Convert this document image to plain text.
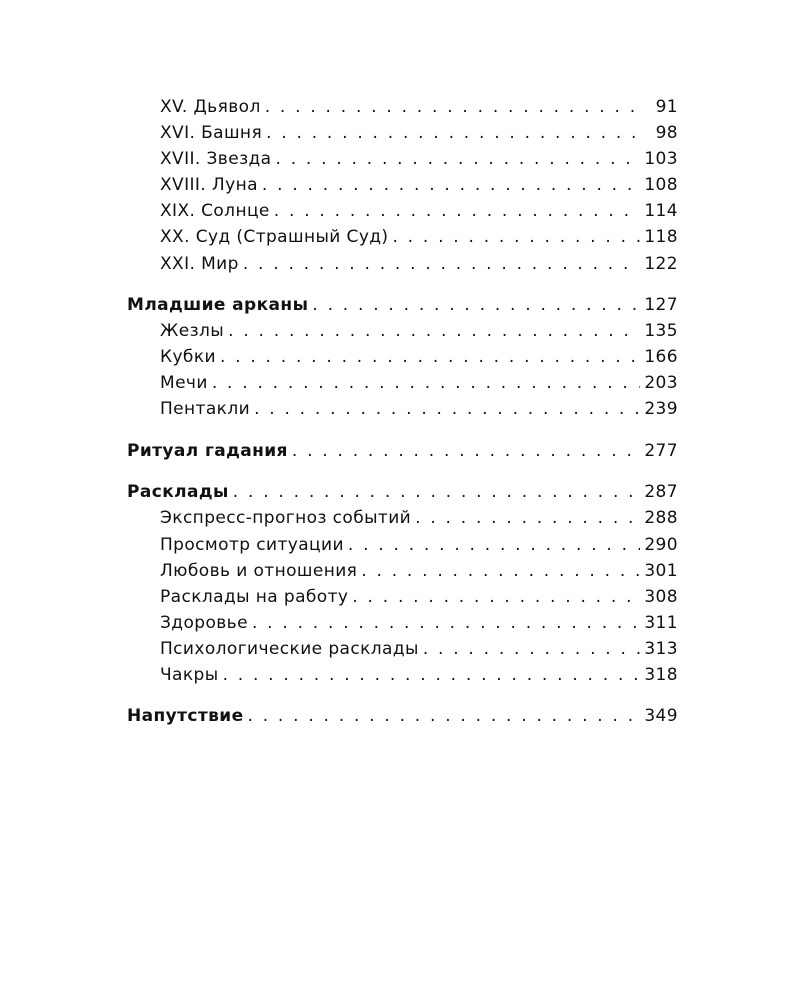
XV. Дьявол . . .	91
XVI. Башня . . .	98
XVII. Звезда . . .	103
XVIII. Луна . . .	108
XIX. Солнце . . .	114
XX. Суд (Страшный Суд) . . .	118
XXI. Мир . . .	122
Младшие арканы . . .	127
Жезлы . . .	135
Кубки . . .	166
Мечи . . .	203
Пентакли . . .	239
Ритуал гадания . . .	277
Расклады . . .	287
Экспресс-прогноз событий . . .	288
Просмотр ситуации . . .	290
Любовь и отношения . . .	301
Расклады на работу . . .	308
Здоровье . . .	311
Психологические расклады . . .	313
Чакры . . .	318
Напутствие . . .	349
